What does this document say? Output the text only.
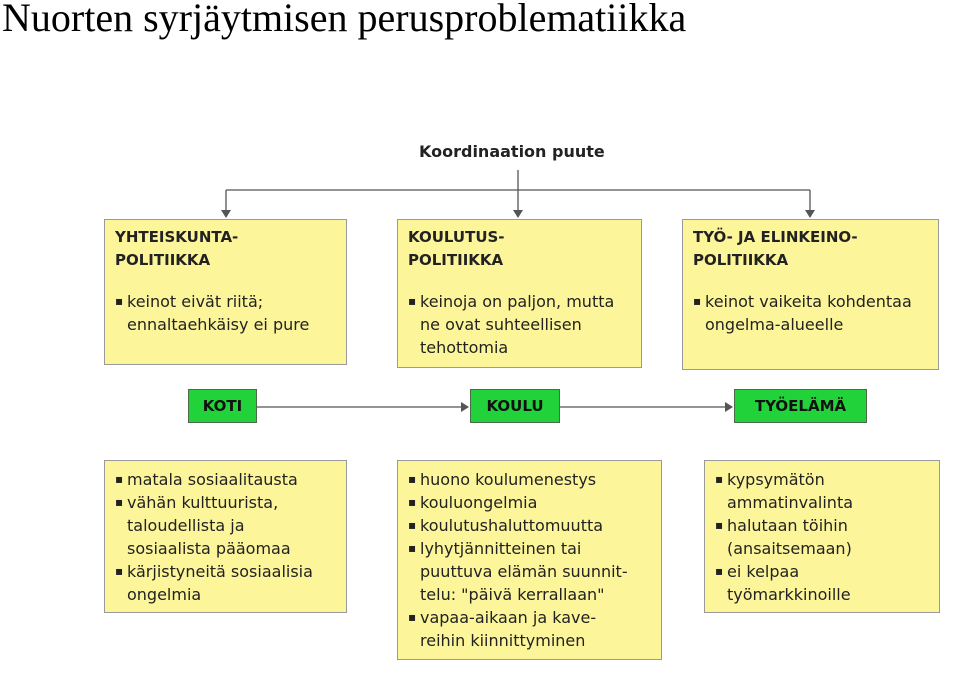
Nuorten syrjäytmisen perusproblematiikka
Koordinaation puute
YHTEISKUNTA-
POLITIIKKA
▪ keinot eivät riitä;
ennaltaehkäisy ei pure
KOULUTUS-
POLITIIKKA
▪ keinoja on paljon, mutta
ne ovat suhteellisen
tehottomia
TYÖ- JA ELINKEINO-
POLITIIKKA
▪ keinot vaikeita kohdentaa
ongelma-alueelle
KOTI	KOULU	TYÖELÄMÄ
▪ matala sosiaalitausta
▪ vähän kulttuurista,
taloudellista ja
sosiaalista pääomaa
▪ kärjistyneitä sosiaalisia
ongelmia
▪ huono koulumenestys
▪ kouluongelmia
▪ koulutushaluttomuutta
▪ lyhytjännitteinen tai
puuttuva elämän suunnit-
telu: "päivä kerrallaan"
▪ vapaa-aikaan ja kave-
reihin kiinnittyminen
▪ kypsymätön
ammatinvalinta
▪ halutaan töihin
(ansaitsemaan)
▪ ei kelpaa
työmarkkinoille
